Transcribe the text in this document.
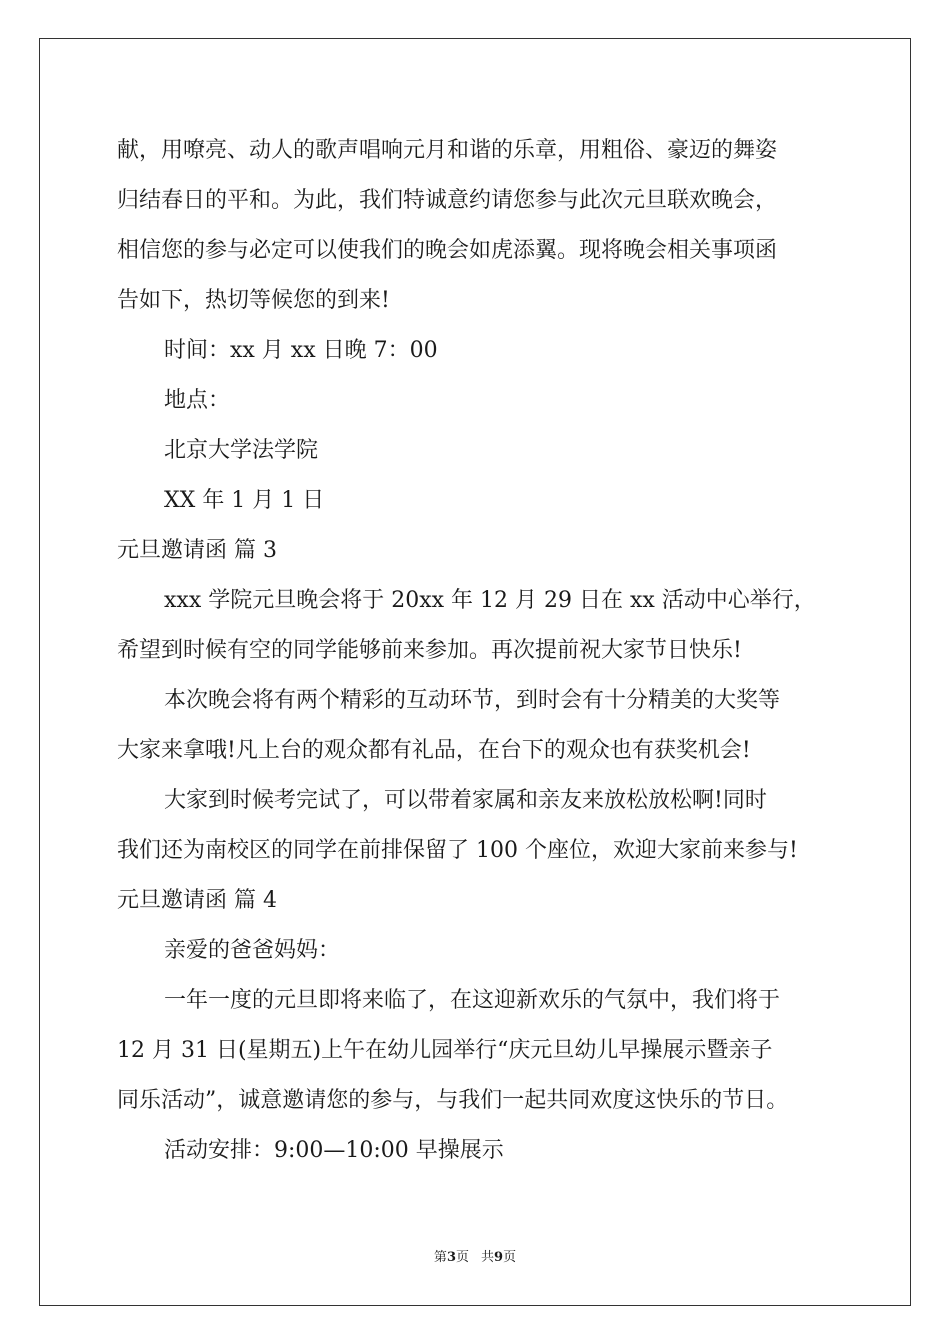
献，用嘹亮、动人的歌声唱响元月和谐的乐章，用粗俗、豪迈的舞姿

归结春日的平和。为此，我们特诚意约请您参与此次元旦联欢晚会，

相信您的参与必定可以使我们的晚会如虎添翼。现将晚会相关事项函

告如下，热切等候您的到来!

时间：xx 月 xx 日晚 7：00

地点：

北京大学法学院

XX 年 1 月 1 日

元旦邀请函 篇 3

xxx 学院元旦晚会将于 20xx 年 12 月 29 日在 xx 活动中心举行，

希望到时候有空的同学能够前来参加。再次提前祝大家节日快乐!

本次晚会将有两个精彩的互动环节，到时会有十分精美的大奖等

大家来拿哦!凡上台的观众都有礼品，在台下的观众也有获奖机会!

大家到时候考完试了，可以带着家属和亲友来放松放松啊!同时

我们还为南校区的同学在前排保留了 100 个座位，欢迎大家前来参与!

元旦邀请函 篇 4

亲爱的爸爸妈妈：

一年一度的元旦即将来临了，在这迎新欢乐的气氛中，我们将于

12 月 31 日(星期五)上午在幼儿园举行“庆元旦幼儿早操展示暨亲子

同乐活动”，诚意邀请您的参与，与我们一起共同欢度这快乐的节日。

活动安排：9:00—10:00 早操展示

第3页 共9页
